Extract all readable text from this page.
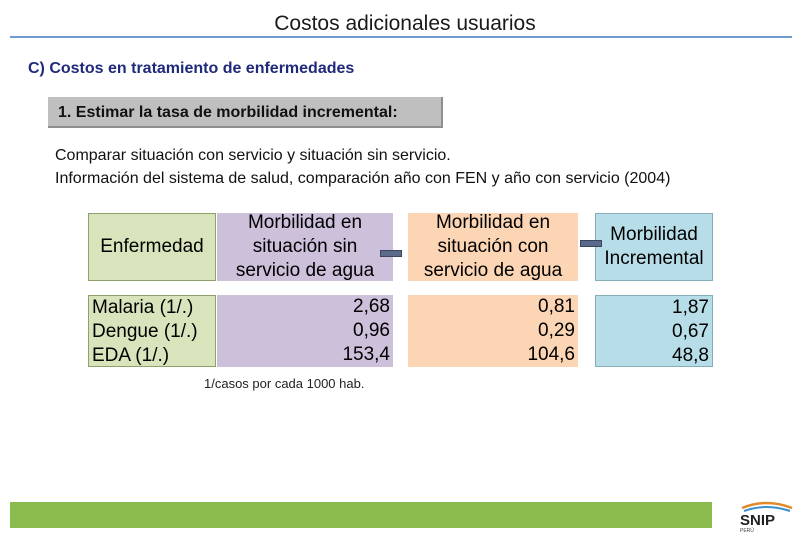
Costos adicionales usuarios
C) Costos en tratamiento de enfermedades
1. Estimar la tasa de morbilidad incremental:
Comparar situación con servicio y situación sin servicio.
Información del sistema de salud, comparación año con FEN y año con servicio (2004)
Enfermedad
Morbilidad en
situación sin
servicio de agua
Morbilidad en
situación con
servicio de agua
Morbilidad
Incremental
Malaria (1/.)
Dengue (1/.)
EDA (1/.)
2,68
0,96
153,4
0,81
0,29
104,6
1,87
0,67
48,8
1/casos por cada 1000 hab.
SNIP
PERÚ
